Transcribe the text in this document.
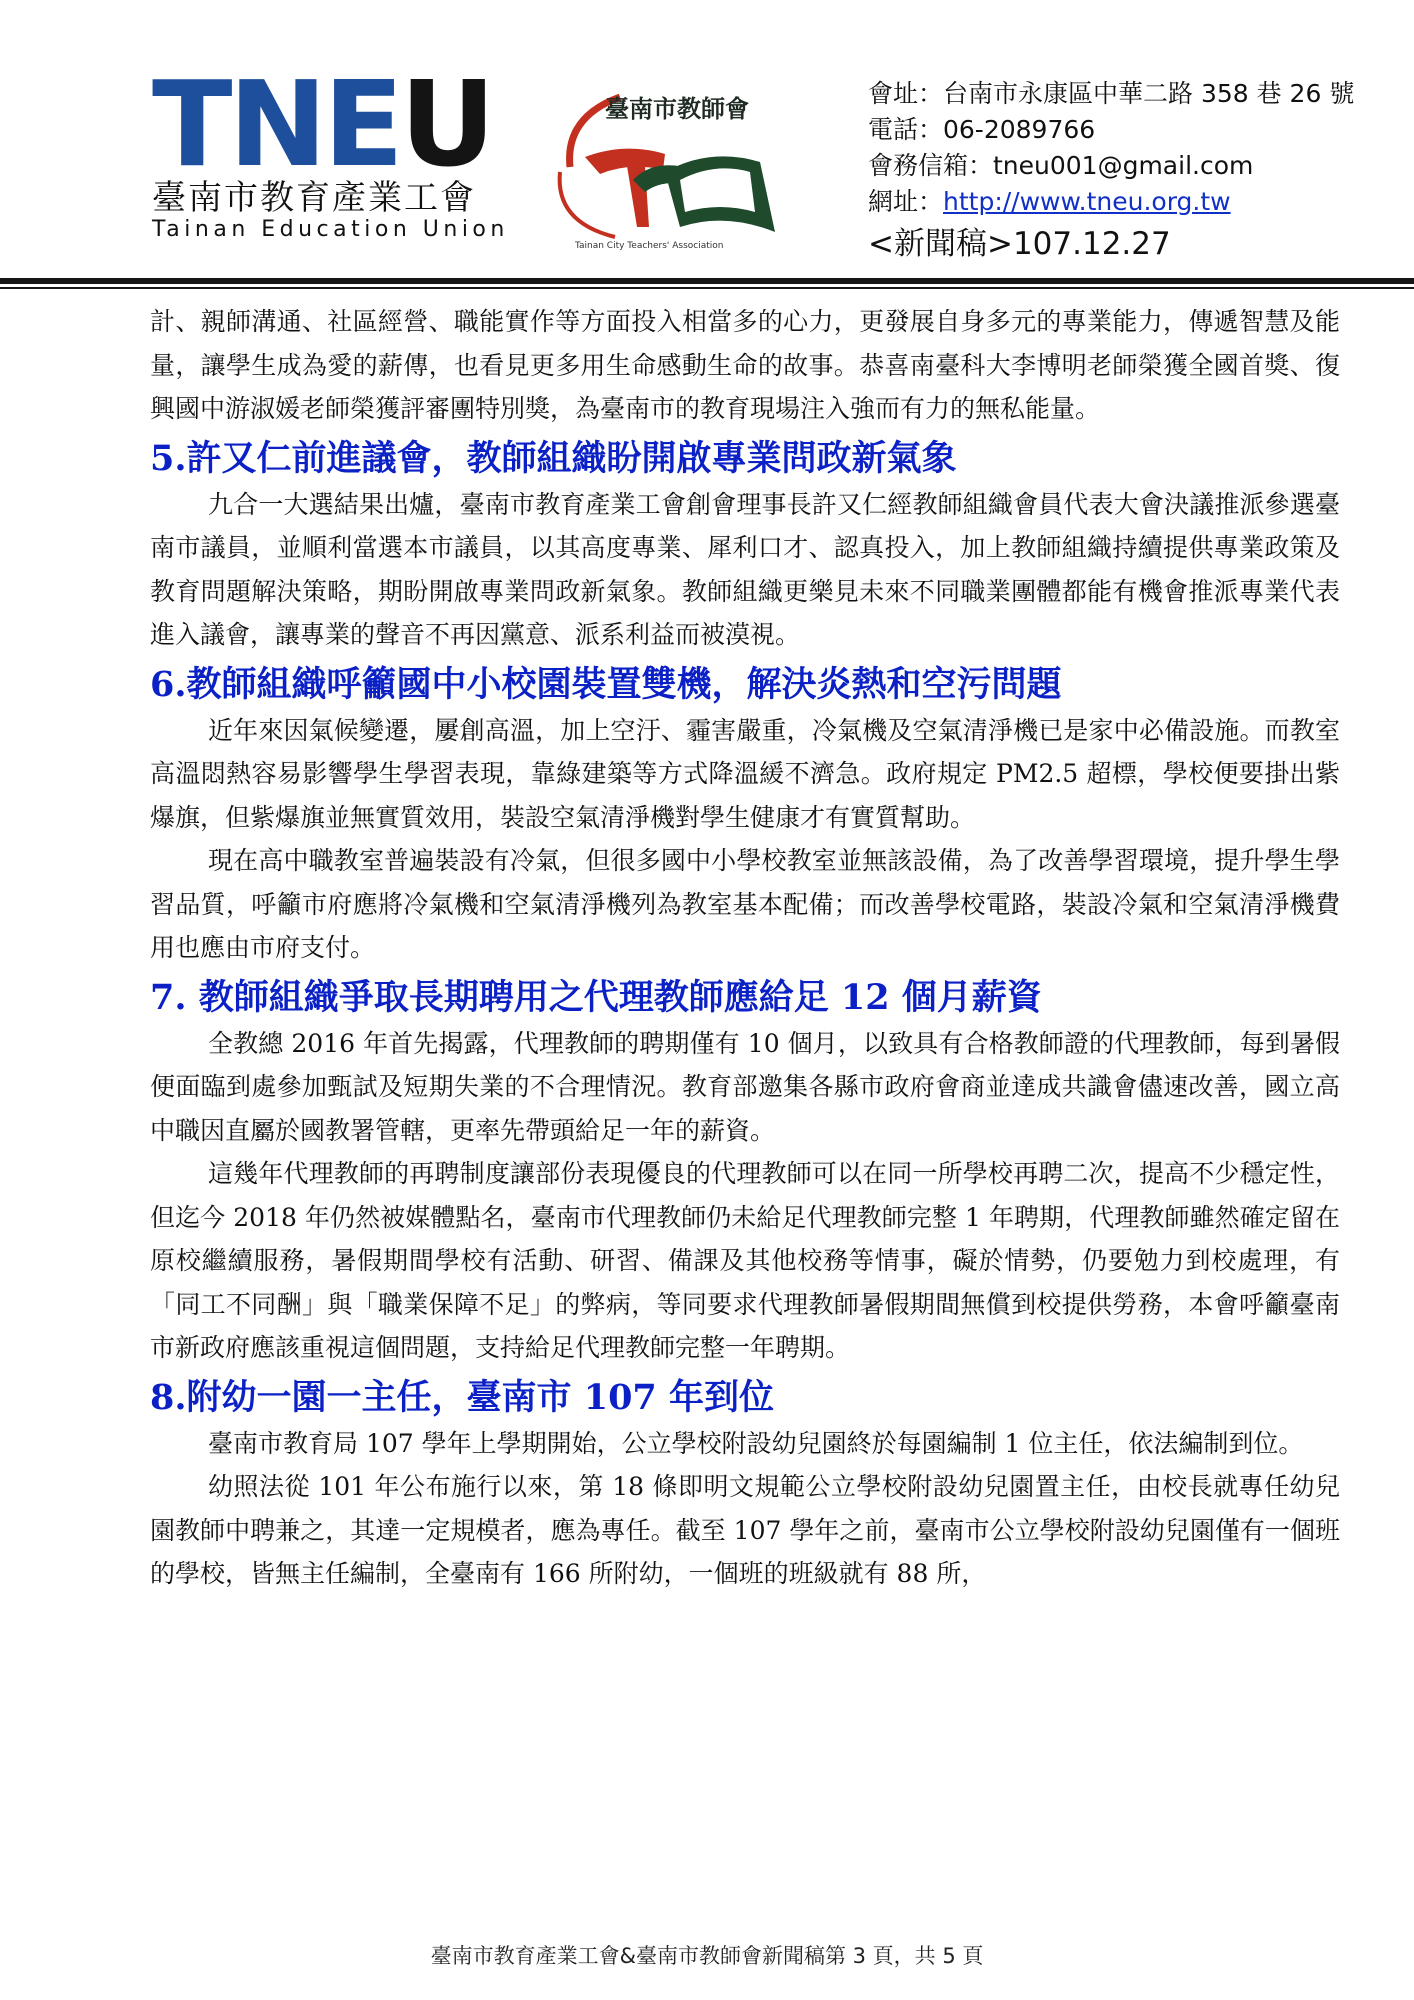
TNEU
臺南市教育產業工會
Tainan Education Union
臺南市教師會
Tainan City Teachers' Association
會址：台南市永康區中華二路 358 巷 26 號
電話：06-2089766
會務信箱：tneu001@gmail.com
網址：http://www.tneu.org.tw
<新聞稿>107.12.27

計、親師溝通、社區經營、職能實作等方面投入相當多的心力，更發展自身多元的專業能力，傳遞智慧及能量，讓學生成為愛的薪傳，也看見更多用生命感動生命的故事。恭喜南臺科大李博明老師榮獲全國首獎、復興國中游淑媛老師榮獲評審團特別獎，為臺南市的教育現場注入強而有力的無私能量。

5.許又仁前進議會，教師組織盼開啟專業問政新氣象

九合一大選結果出爐，臺南市教育產業工會創會理事長許又仁經教師組織會員代表大會決議推派參選臺南市議員，並順利當選本市議員，以其高度專業、犀利口才、認真投入，加上教師組織持續提供專業政策及教育問題解決策略，期盼開啟專業問政新氣象。教師組織更樂見未來不同職業團體都能有機會推派專業代表進入議會，讓專業的聲音不再因黨意、派系利益而被漠視。

6.教師組織呼籲國中小校園裝置雙機，解決炎熱和空污問題

近年來因氣候變遷，屢創高溫，加上空汙、霾害嚴重，冷氣機及空氣清淨機已是家中必備設施。而教室高溫悶熱容易影響學生學習表現，靠綠建築等方式降溫緩不濟急。政府規定 PM2.5 超標，學校便要掛出紫爆旗，但紫爆旗並無實質效用，裝設空氣清淨機對學生健康才有實質幫助。

現在高中職教室普遍裝設有冷氣，但很多國中小學校教室並無該設備，為了改善學習環境，提升學生學習品質，呼籲市府應將冷氣機和空氣清淨機列為教室基本配備；而改善學校電路，裝設冷氣和空氣清淨機費用也應由市府支付。

7. 教師組織爭取長期聘用之代理教師應給足 12 個月薪資

全教總 2016 年首先揭露，代理教師的聘期僅有 10 個月，以致具有合格教師證的代理教師，每到暑假便面臨到處參加甄試及短期失業的不合理情況。教育部邀集各縣市政府會商並達成共識會儘速改善，國立高中職因直屬於國教署管轄，更率先帶頭給足一年的薪資。

這幾年代理教師的再聘制度讓部份表現優良的代理教師可以在同一所學校再聘二次，提高不少穩定性，但迄今 2018 年仍然被媒體點名，臺南市代理教師仍未給足代理教師完整 1 年聘期，代理教師雖然確定留在原校繼續服務，暑假期間學校有活動、研習、備課及其他校務等情事，礙於情勢，仍要勉力到校處理，有「同工不同酬」與「職業保障不足」的弊病，等同要求代理教師暑假期間無償到校提供勞務，本會呼籲臺南市新政府應該重視這個問題，支持給足代理教師完整一年聘期。

8.附幼一園一主任，臺南市 107 年到位

臺南市教育局 107 學年上學期開始，公立學校附設幼兒園終於每園編制 1 位主任，依法編制到位。

幼照法從 101 年公布施行以來，第 18 條即明文規範公立學校附設幼兒園置主任，由校長就專任幼兒園教師中聘兼之，其達一定規模者，應為專任。截至 107 學年之前，臺南市公立學校附設幼兒園僅有一個班的學校，皆無主任編制，全臺南有 166 所附幼，一個班的班級就有 88 所，

臺南市教育產業工會&臺南市教師會新聞稿第 3 頁，共 5 頁
